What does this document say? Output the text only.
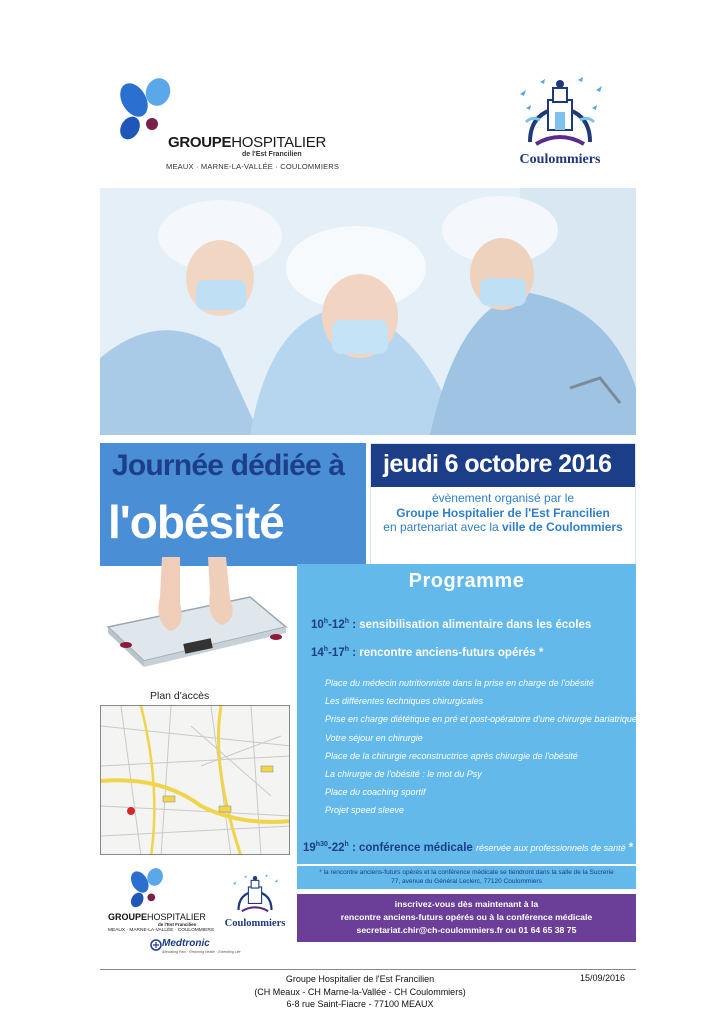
GROUPEHOSPITALIER
de l'Est Francilien
MEAUX · MARNE-LA-VALLÉE · COULOMMIERS	Coulommiers
Journée dédiée à
l'obésité
jeudi 6 octobre 2016
évènement organisé par le
Groupe Hospitalier de l'Est Francilien
en partenariat avec la ville de Coulommiers
Plan d'accès
Programme
10$^h$-12$^h$ : sensibilisation alimentaire dans les écoles
14$^h$-17$^h$ : rencontre anciens-futurs opérés *
Place du médecin nutritionniste dans la prise en charge de l'obésité
Les différentes techniques chirurgicales
Prise en charge diététique en pré et post-opératoire d'une chirurgie bariatrique
Votre séjour en chirurgie
Place de la chirurgie reconstructrice après chirurgie de l'obésité
La chirurgie de l'obésité : le mot du Psy
Place du coaching sportif
Projet speed sleeve
$19^{h30}-22^h$ : conférence médicale réservée aux professionnels de santé *
* la rencontre anciens-futurs opérés et la conférence médicale se tiendront dans la salle de la Sucrerie
77, avenue du Général Leclerc, 77120 Coulommiers
inscrivez-vous dès maintenant à la
rencontre anciens-futurs opérés ou à la conférence médicale
secretariat.chir@ch-coulommiers.fr ou 01 64 65 38 75
GROUPEHOSPITALIER
de l'Est Francilien
MEAUX · MARNE-LA-VALLÉE · COULOMMIERS
Coulommiers
Medtronic
Alleviating Pain · Restoring Health · Extending Life
Groupe Hospitalier de l'Est Francilien
(CH Meaux - CH Marne-la-Vallée - CH Coulommiers)
6-8 rue Saint-Fiacre - 77100 MEAUX
15/09/2016
